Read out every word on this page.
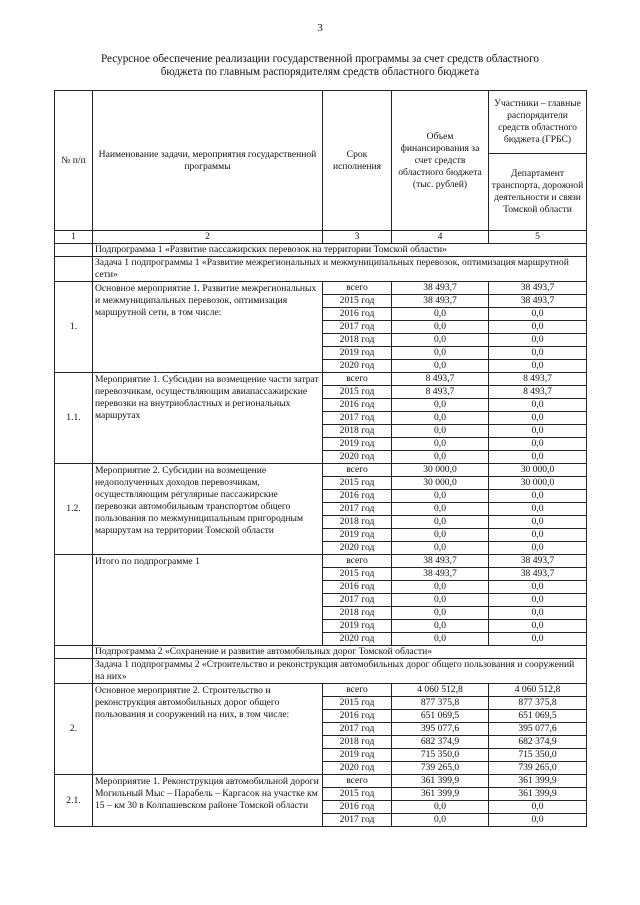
3
Ресурсное обеспечение реализации государственной программы за счет средств областного
бюджета по главным распорядителям средств областного бюджета
№ п/п	Наименование задачи, мероприятия государственной программы	Срок исполнения	Объем финансирования за счет средств областного бюджета (тыс. рублей)	Участники – главные распорядители средств областного бюджета (ГРБС)
				Департамент транспорта, дорожной деятельности и связи Томской области
1	2	3	4	5
	Подпрограмма 1 «Развитие пассажирских перевозок на территории Томской области»			
	Задача 1 подпрограммы 1 «Развитие межрегиональных и межмуниципальных перевозок, оптимизация маршрутной сети»			
1.	Основное мероприятие 1. Развитие межрегиональных и межмуниципальных перевозок, оптимизация маршрутной сети, в том числе:	всего	38 493,7	38 493,7
		2015 год	38 493,7	38 493,7
		2016 год	0,0	0,0
		2017 год	0,0	0,0
		2018 год	0,0	0,0
		2019 год	0,0	0,0
		2020 год	0,0	0,0
1.1.	Мероприятие 1. Субсидии на возмещение части затрат перевозчикам, осуществляющим авиапассажирские перевозки на внутриобластных и региональных маршрутах	всего	8 493,7	8 493,7
		2015 год	8 493,7	8 493,7
		2016 год	0,0	0,0
		2017 год	0,0	0,0
		2018 год	0,0	0,0
		2019 год	0,0	0,0
		2020 год	0,0	0,0
1.2.	Мероприятие 2. Субсидии на возмещение недополученных доходов перевозчикам, осуществляющим регулярные пассажирские перевозки автомобильным транспортом общего пользования по межмуниципальным пригородным маршрутам на территории Томской области	всего	30 000,0	30 000,0
		2015 год	30 000,0	30 000,0
		2016 год	0,0	0,0
		2017 год	0,0	0,0
		2018 год	0,0	0,0
		2019 год	0,0	0,0
		2020 год	0,0	0,0
	Итого по подпрограмме 1	всего	38 493,7	38 493,7
		2015 год	38 493,7	38 493,7
		2016 год	0,0	0,0
		2017 год	0,0	0,0
		2018 год	0,0	0,0
		2019 год	0,0	0,0
		2020 год	0,0	0,0
	Подпрограмма 2 «Сохранение и развитие автомобильных дорог Томской области»			
	Задача 1 подпрограммы 2 «Строительство и реконструкция автомобильных дорог общего пользования и сооружений на них»			
2.	Основное мероприятие 2. Строительство и реконструкция автомобильных дорог общего пользования и сооружений на них, в том числе:	всего	4 060 512,8	4 060 512,8
		2015 год	877 375,8	877 375,8
		2016 год	651 069,5	651 069,5
		2017 год	395 077,6	395 077,6
		2018 год	682 374,9	682 374,9
		2019 год	715 350,0	715 350,0
		2020 год	739 265,0	739 265,0
2.1.	Мероприятие 1. Реконструкция автомобильной дороги Могильный Мыс – Парабель – Каргасок на участке км 15 – км 30 в Колпашевском районе Томской области	всего	361 399,9	361 399,9
		2015 год	361 399,9	361 399,9
		2016 год	0,0	0,0
		2017 год	0,0	0,0
